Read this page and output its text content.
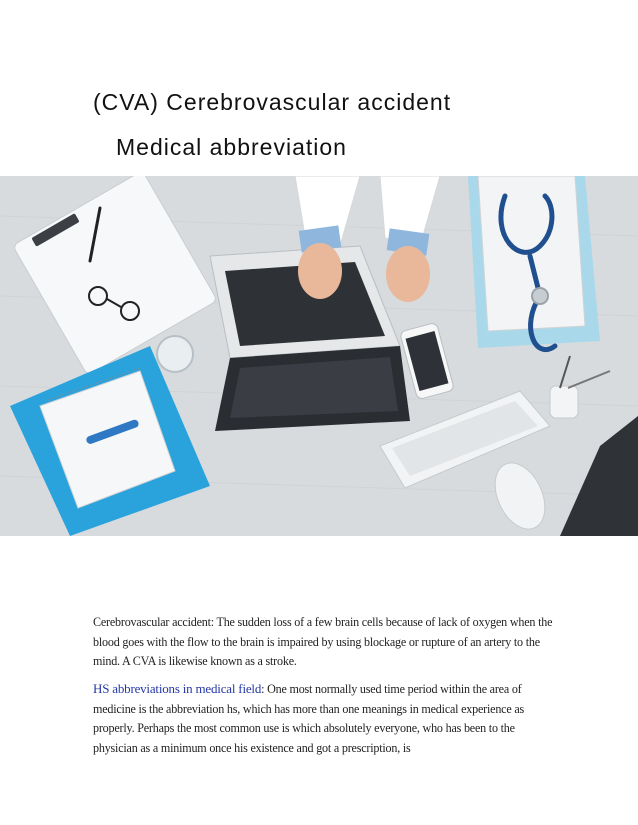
(CVA) Cerebrovascular accident
Medical abbreviation

Cerebrovascular accident: The sudden loss of a few brain cells because of lack of oxygen when the blood goes with the flow to the brain is impaired by using blockage or rupture of an artery to the mind. A CVA is likewise known as a stroke.

HS abbreviations in medical field: One most normally used time period within the area of medicine is the abbreviation hs, which has more than one meanings in medical experience as properly. Perhaps the most common use is which absolutely everyone, who has been to the physician as a minimum once his existence and got a prescription, is
